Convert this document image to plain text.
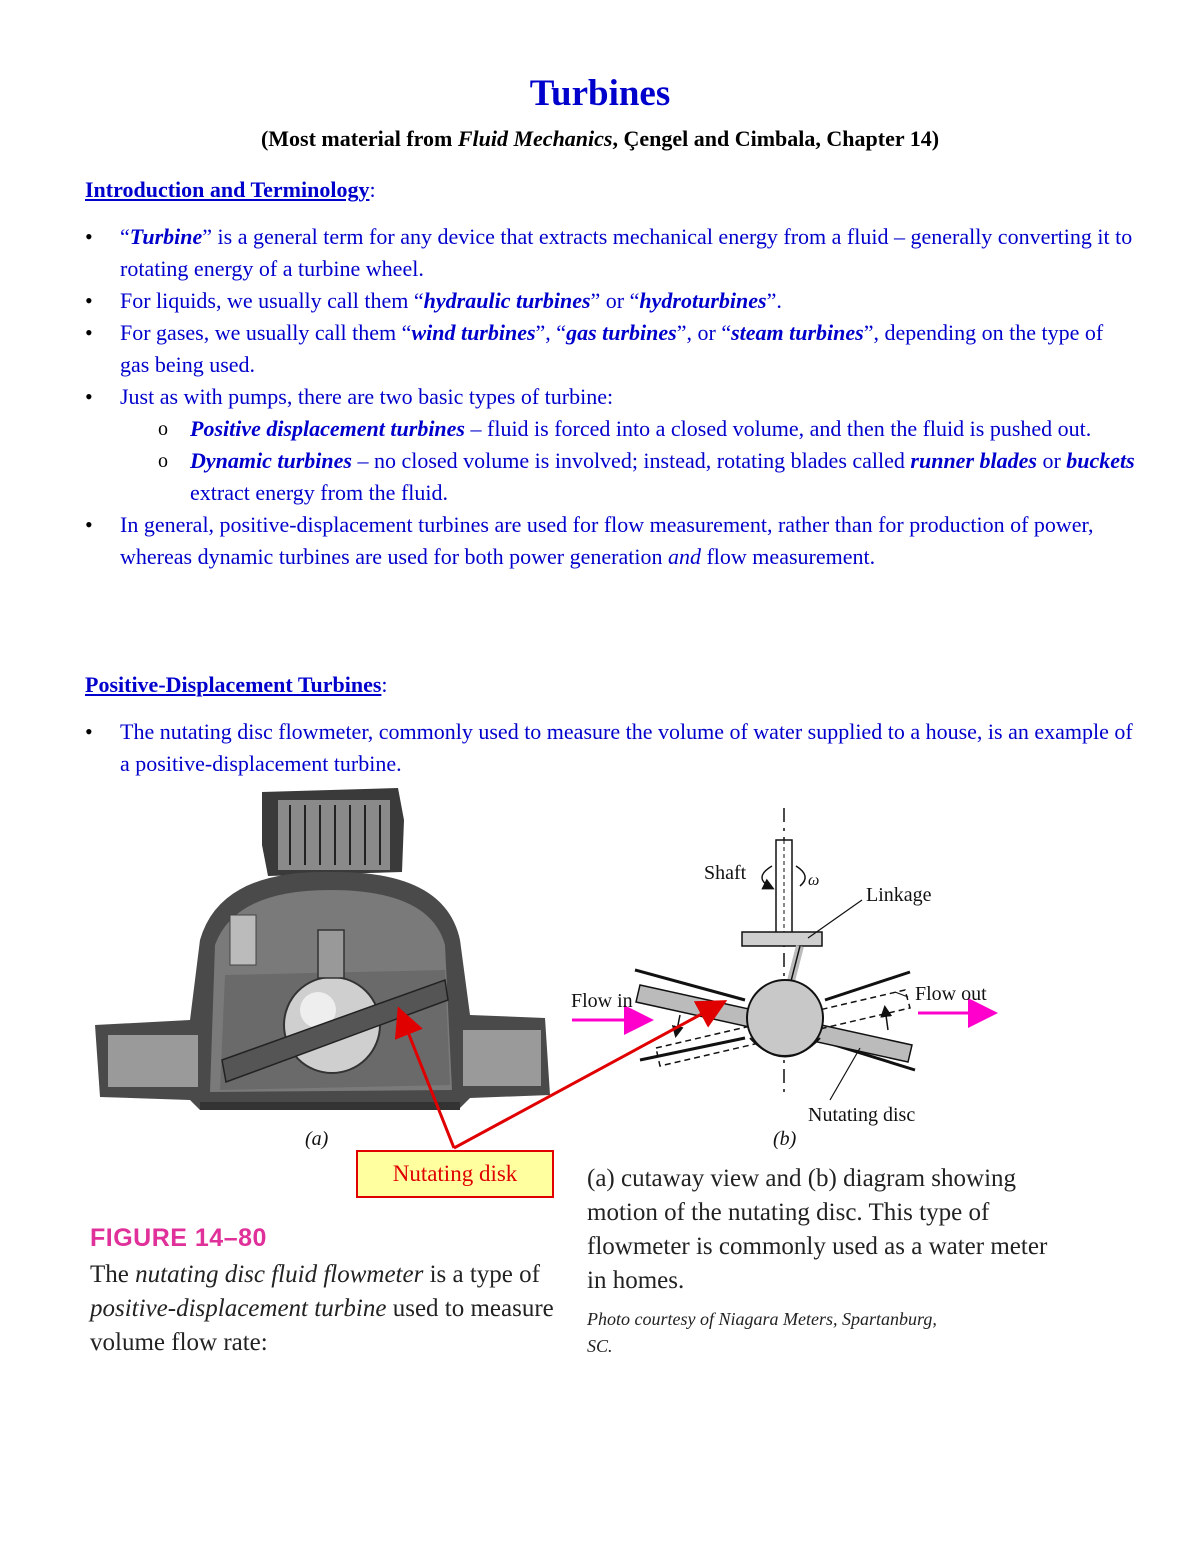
Turbines
(Most material from Fluid Mechanics, Çengel and Cimbala, Chapter 14)
Introduction and Terminology:
•	“Turbine” is a general term for any device that extracts mechanical energy from a fluid – generally converting it to rotating energy of a turbine wheel.
•	For liquids, we usually call them “hydraulic turbines” or “hydroturbines”.
•	For gases, we usually call them “wind turbines”, “gas turbines”, or “steam turbines”, depending on the type of gas being used.
•	Just as with pumps, there are two basic types of turbine:
o Positive displacement turbines – fluid is forced into a closed volume, and then the fluid is pushed out.
o Dynamic turbines – no closed volume is involved; instead, rotating blades called runner blades or buckets extract energy from the fluid.
•	In general, positive-displacement turbines are used for flow measurement, rather than for production of power, whereas dynamic turbines are used for both power generation and flow measurement.
Positive-Displacement Turbines:
•	The nutating disc flowmeter, commonly used to measure the volume of water supplied to a house, is an example of a positive-displacement turbine.
Shaft	ω
Linkage
Flow in	Flow out
Nutating disc
(a)	(b)
Nutating disk
FIGURE 14–80
The nutating disc fluid flowmeter is a type of positive-displacement turbine used to measure volume flow rate:
(a) cutaway view and (b) diagram showing motion of the nutating disc. This type of flowmeter is commonly used as a water meter in homes.
Photo courtesy of Niagara Meters, Spartanburg, SC.
